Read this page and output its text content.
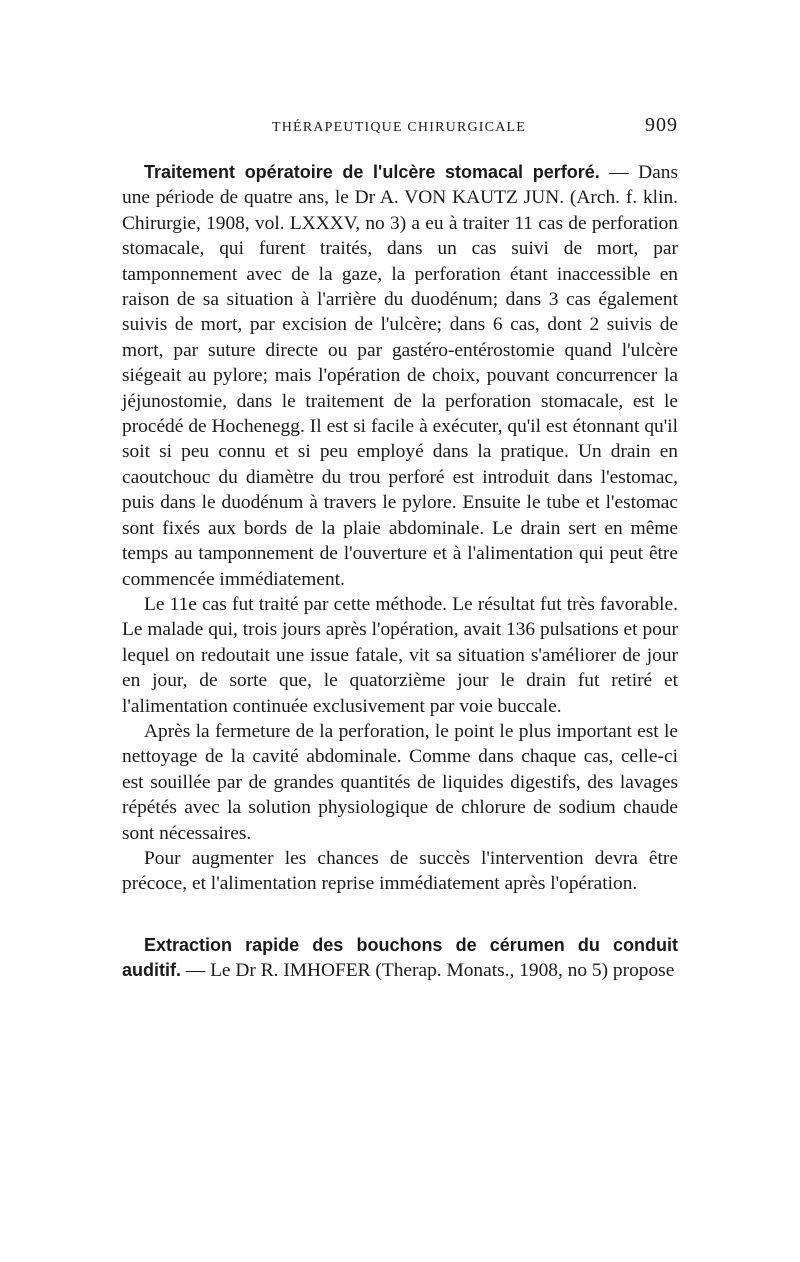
THÉRAPEUTIQUE CHIRURGICALE	909

Traitement opératoire de l'ulcère stomacal perforé. — Dans une période de quatre ans, le Dr A. VON KAUTZ JUN. (Arch. f. klin. Chirurgie, 1908, vol. LXXXV, no 3) a eu à traiter 11 cas de perforation stomacale, qui furent traités, dans un cas suivi de mort, par tamponnement avec de la gaze, la perforation étant inaccessible en raison de sa situation à l'arrière du duodénum; dans 3 cas également suivis de mort, par excision de l'ulcère; dans 6 cas, dont 2 suivis de mort, par suture directe ou par gastéro-entérostomie quand l'ulcère siégeait au pylore; mais l'opération de choix, pouvant concurrencer la jéjunostomie, dans le traitement de la perforation stomacale, est le procédé de Hochenegg. Il est si facile à exécuter, qu'il est étonnant qu'il soit si peu connu et si peu employé dans la pratique. Un drain en caoutchouc du diamètre du trou perforé est introduit dans l'estomac, puis dans le duodénum à travers le pylore. Ensuite le tube et l'estomac sont fixés aux bords de la plaie abdominale. Le drain sert en même temps au tamponnement de l'ouverture et à l'alimentation qui peut être commencée immédiatement.

Le 11e cas fut traité par cette méthode. Le résultat fut très favorable. Le malade qui, trois jours après l'opération, avait 136 pulsations et pour lequel on redoutait une issue fatale, vit sa situation s'améliorer de jour en jour, de sorte que, le quatorzième jour le drain fut retiré et l'alimentation continuée exclusivement par voie buccale.

Après la fermeture de la perforation, le point le plus important est le nettoyage de la cavité abdominale. Comme dans chaque cas, celle-ci est souillée par de grandes quantités de liquides digestifs, des lavages répétés avec la solution physiologique de chlorure de sodium chaude sont nécessaires.

Pour augmenter les chances de succès l'intervention devra être précoce, et l'alimentation reprise immédiatement après l'opération.

Extraction rapide des bouchons de cérumen du conduit auditif. — Le Dr R. IMHOFER (Therap. Monats., 1908, no 5) propose
